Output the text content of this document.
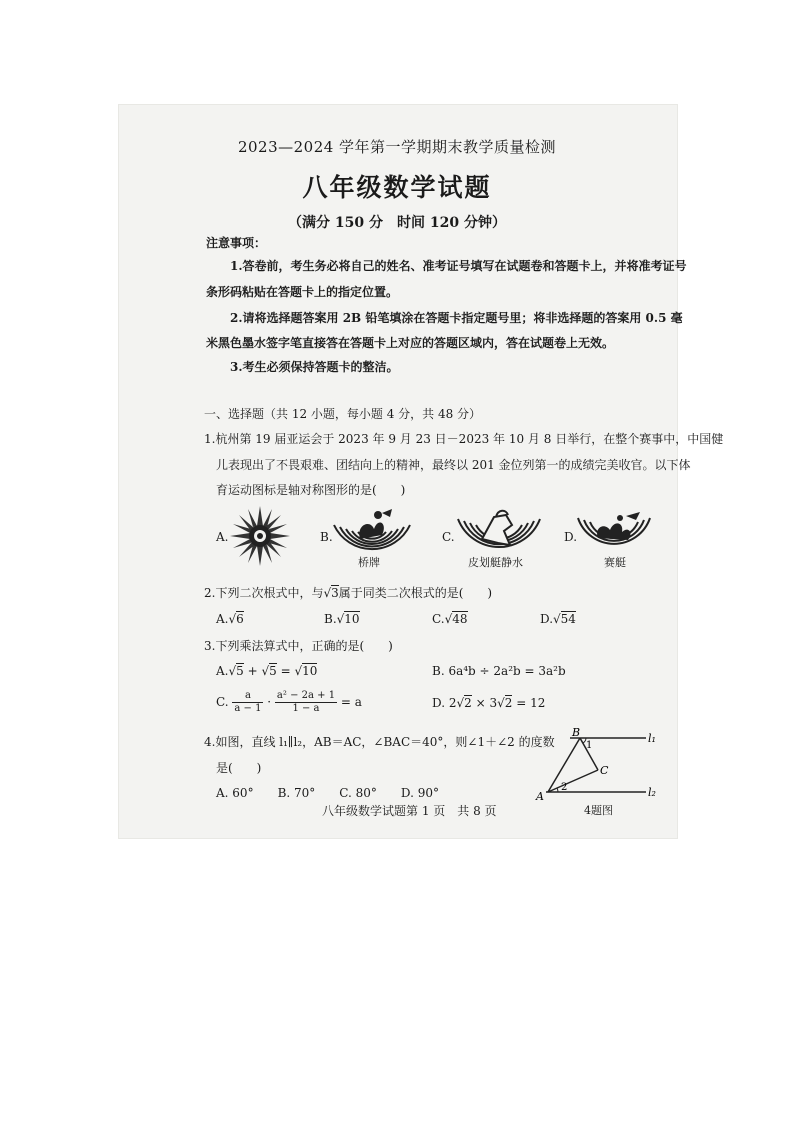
2023—2024 学年第一学期期末教学质量检测
八年级数学试题
（满分 150 分　时间 120 分钟）
注意事项：
1.答卷前，考生务必将自己的姓名、准考证号填写在试题卷和答题卡上，并将准考证号
条形码粘贴在答题卡上的指定位置。
2.请将选择题答案用 2B 铅笔填涂在答题卡指定题号里；将非选择题的答案用 0.5 毫
米黑色墨水签字笔直接答在答题卡上对应的答题区域内，答在试题卷上无效。
3.考生必须保持答题卡的整洁。
一、选择题（共 12 小题，每小题 4 分，共 48 分）
1.杭州第 19 届亚运会于 2023 年 9 月 23 日－2023 年 10 月 8 日举行，在整个赛事中，中国健
儿表现出了不畏艰难、团结向上的精神，最终以 201 金位列第一的成绩完美收官。以下体
育运动图标是轴对称图形的是(　　)
A.	B.
桥牌
C.
皮划艇静水
D.
赛艇
2.下列二次根式中，与√3属于同类二次根式的是(　　)
A.√6	B.√10	C.√48	D.√54
3.下列乘法算式中，正确的是(　　)
A.√5 + √5 = √10	B. 6a⁴b ÷ 2a²b = 3a²b
C. $\frac{a}{a - 1} \cdot \frac{\text{a² − 2a + 1}}{1 - a} = a$	D. 2√2 × 3√2 = 12
4.如图，直线 l₁∥l₂，AB＝AC，∠BAC＝40°，则∠1＋∠2 的度数
是(　　)
A. 60°　　B. 70°　　C. 80°　　D. 90°
B
1
C
A
2
l₁
l₂
4题图
八年级数学试题第 1 页　共 8 页
